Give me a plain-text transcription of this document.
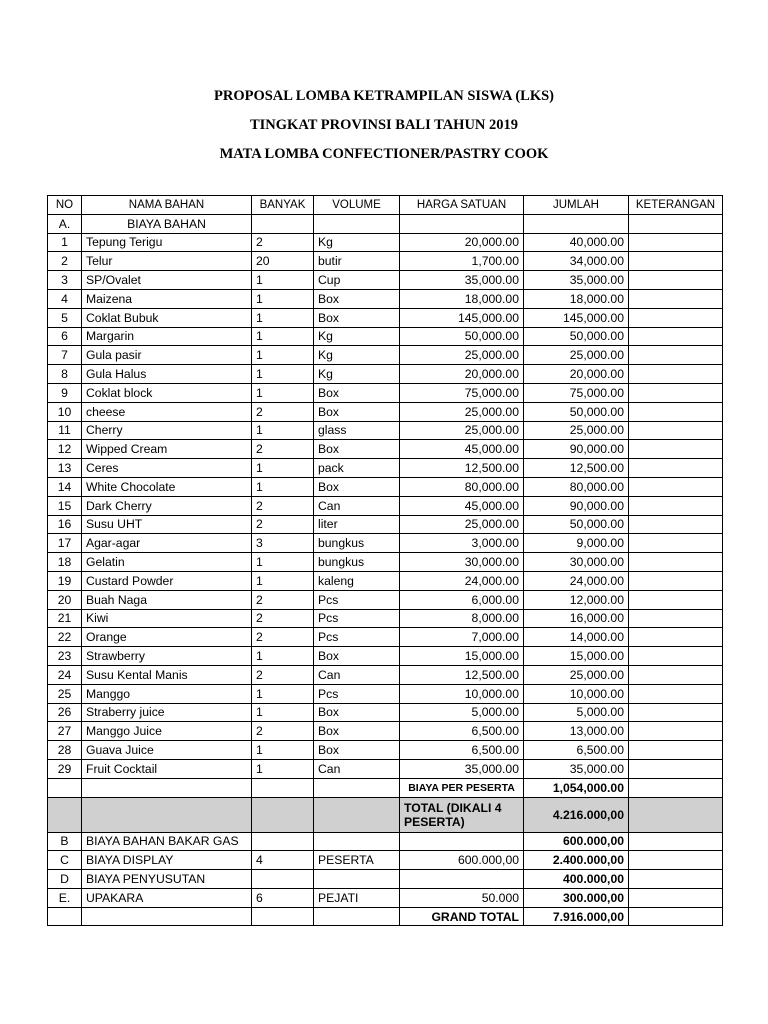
PROPOSAL LOMBA KETRAMPILAN SISWA (LKS)
TINGKAT PROVINSI BALI TAHUN 2019
MATA LOMBA CONFECTIONER/PASTRY COOK
NO	NAMA BAHAN	BANYAK	VOLUME	HARGA SATUAN	JUMLAH	KETERANGAN
A.	BIAYA BAHAN					
1	Tepung Terigu	2	Kg	20,000.00	40,000.00	
2	Telur	20	butir	1,700.00	34,000.00	
3	SP/Ovalet	1	Cup	35,000.00	35,000.00	
4	Maizena	1	Box	18,000.00	18,000.00	
5	Coklat Bubuk	1	Box	145,000.00	145,000.00	
6	Margarin	1	Kg	50,000.00	50,000.00	
7	Gula pasir	1	Kg	25,000.00	25,000.00	
8	Gula Halus	1	Kg	20,000.00	20,000.00	
9	Coklat block	1	Box	75,000.00	75,000.00	
10	cheese	2	Box	25,000.00	50,000.00	
11	Cherry	1	glass	25,000.00	25,000.00	
12	Wipped Cream	2	Box	45,000.00	90,000.00	
13	Ceres	1	pack	12,500.00	12,500.00	
14	White Chocolate	1	Box	80,000.00	80,000.00	
15	Dark Cherry	2	Can	45,000.00	90,000.00	
16	Susu UHT	2	liter	25,000.00	50,000.00	
17	Agar-agar	3	bungkus	3,000.00	9,000.00	
18	Gelatin	1	bungkus	30,000.00	30,000.00	
19	Custard Powder	1	kaleng	24,000.00	24,000.00	
20	Buah Naga	2	Pcs	6,000.00	12,000.00	
21	Kiwi	2	Pcs	8,000.00	16,000.00	
22	Orange	2	Pcs	7,000.00	14,000.00	
23	Strawberry	1	Box	15,000.00	15,000.00	
24	Susu Kental Manis	2	Can	12,500.00	25,000.00	
25	Manggo	1	Pcs	10,000.00	10,000.00	
26	Straberry juice	1	Box	5,000.00	5,000.00	
27	Manggo Juice	2	Box	6,500.00	13,000.00	
28	Guava Juice	1	Box	6,500.00	6,500.00	
29	Fruit Cocktail	1	Can	35,000.00	35,000.00	
				BIAYA PER PESERTA	1,054,000.00	
				TOTAL (DIKALI 4 PESERTA)	4.216.000,00	
B	BIAYA BAHAN BAKAR GAS				600.000,00	
C	BIAYA DISPLAY	4	PESERTA	600.000,00	2.400.000,00	
D	BIAYA PENYUSUTAN				400.000,00	
E.	UPAKARA	6	PEJATI	50.000	300.000,00	
				GRAND TOTAL	7.916.000,00	
